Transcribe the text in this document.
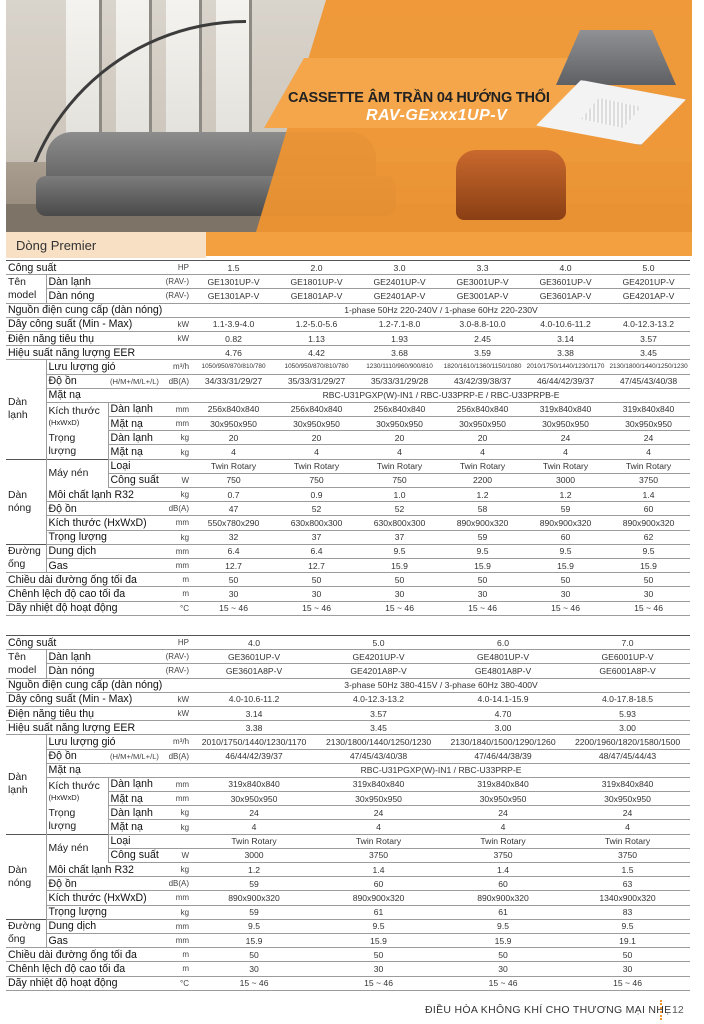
CASSETTE ÂM TRẦN 04 HƯỚNG THỔI
RAV-GExxx1UP-V
Dòng Premier
Công suất			HP	1.5	2.0	3.0	3.3	4.0	5.0
Tên model	Dàn lạnh	(RAV-)		GE1301UP-V	GE1801UP-V	GE2401UP-V	GE3001UP-V	GE3601UP-V	GE4201UP-V
	Dàn nóng	(RAV-)		GE1301AP-V	GE1801AP-V	GE2401AP-V	GE3001AP-V	GE3601AP-V	GE4201AP-V
Nguồn điện cung cấp (dàn nóng)				1-phase 50Hz 220-240V / 1-phase 60Hz 220-230V					
Dây công suất (Min - Max)			kW	1.1-3.9-4.0	1.2-5.0-5.6	1.2-7.1-8.0	3.0-8.8-10.0	4.0-10.6-11.2	4.0-12.3-13.2
Điện năng tiêu thụ			kW	0.82	1.13	1.93	2.45	3.14	3.57
Hiệu suất năng lượng EER				4.76	4.42	3.68	3.59	3.38	3.45
Dàn lạnh	Lưu lượng gió		m³/h	1050/950/870/810/780	1050/950/870/810/780	1230/1110/960/900/810	1820/1610/1360/1150/1080	2010/1750/1440/1230/1170	2130/1800/1440/1250/1230
	Độ ồn	(H/M+/M/L+/L)	dB(A)	34/33/31/29/27	35/33/31/29/27	35/33/31/29/28	43/42/39/38/37	46/44/42/39/37	47/45/43/40/38
	Mặt nạ			RBC-U31PGXP(W)-IN1 / RBC-U33PRP-E / RBC-U33PRPB-E					
	Kích thước
(HxWxD)	Dàn lạnh	mm	256x840x840	256x840x840	256x840x840	256x840x840	319x840x840	319x840x840
		Mặt nạ	mm	30x950x950	30x950x950	30x950x950	30x950x950	30x950x950	30x950x950
	Trọng lượng	Dàn lạnh	kg	20	20	20	20	24	24
		Mặt nạ	kg	4	4	4	4	4	4
Dàn nóng	Máy nén	Loại		Twin Rotary	Twin Rotary	Twin Rotary	Twin Rotary	Twin Rotary	Twin Rotary
		Công suất	W	750	750	750	2200	3000	3750
	Môi chất lạnh R32		kg	0.7	0.9	1.0	1.2	1.2	1.4
	Độ ồn		dB(A)	47	52	52	58	59	60
	Kích thước (HxWxD)		mm	550x780x290	630x800x300	630x800x300	890x900x320	890x900x320	890x900x320
	Trọng lượng		kg	32	37	37	59	60	62
Đường ống	Dung dịch		mm	6.4	6.4	9.5	9.5	9.5	9.5
	Gas		mm	12.7	12.7	15.9	15.9	15.9	15.9
Chiều dài đường ống tối đa			m	50	50	50	50	50	50
Chênh lệch độ cao tối đa			m	30	30	30	30	30	30
Dãy nhiệt độ hoạt động			°C	15 ~ 46	15 ~ 46	15 ~ 46	15 ~ 46	15 ~ 46	15 ~ 46
Công suất			HP	4.0	5.0	6.0	7.0
Tên model	Dàn lạnh	(RAV-)		GE3601UP-V	GE4201UP-V	GE4801UP-V	GE6001UP-V
	Dàn nóng	(RAV-)		GE3601A8P-V	GE4201A8P-V	GE4801A8P-V	GE6001A8P-V
Nguồn điện cung cấp (dàn nóng)				3-phase 50Hz 380-415V / 3-phase 60Hz 380-400V			
Dây công suất (Min - Max)			kW	4.0-10.6-11.2	4.0-12.3-13.2	4.0-14.1-15.9	4.0-17.8-18.5
Điện năng tiêu thụ			kW	3.14	3.57	4.70	5.93
Hiệu suất năng lượng EER				3.38	3.45	3.00	3.00
Dàn lạnh	Lưu lượng gió		m³/h	2010/1750/1440/1230/1170	2130/1800/1440/1250/1230	2130/1840/1500/1290/1260	2200/1960/1820/1580/1500
	Độ ồn	(H/M+/M/L+/L)	dB(A)	46/44/42/39/37	47/45/43/40/38	47/46/44/38/39	48/47/45/44/43
	Mặt nạ			RBC-U31PGXP(W)-IN1 / RBC-U33PRP-E			
	Kích thước
(HxWxD)	Dàn lạnh	mm	319x840x840	319x840x840	319x840x840	319x840x840
		Mặt nạ	mm	30x950x950	30x950x950	30x950x950	30x950x950
	Trọng lượng	Dàn lạnh	kg	24	24	24	24
		Mặt nạ	kg	4	4	4	4
Dàn nóng	Máy nén	Loại		Twin Rotary	Twin Rotary	Twin Rotary	Twin Rotary
		Công suất	W	3000	3750	3750	3750
	Môi chất lạnh R32		kg	1.2	1.4	1.4	1.5
	Độ ồn		dB(A)	59	60	60	63
	Kích thước (HxWxD)		mm	890x900x320	890x900x320	890x900x320	1340x900x320
	Trọng lượng		kg	59	61	61	83
Đường ống	Dung dịch		mm	9.5	9.5	9.5	9.5
	Gas		mm	15.9	15.9	15.9	19.1
Chiều dài đường ống tối đa			m	50	50	50	50
Chênh lệch độ cao tối đa			m	30	30	30	30
Dãy nhiệt độ hoạt động			°C	15 ~ 46	15 ~ 46	15 ~ 46	15 ~ 46
ĐIỀU HÒA KHÔNG KHÍ CHO THƯƠNG MẠI NHẸ 12
